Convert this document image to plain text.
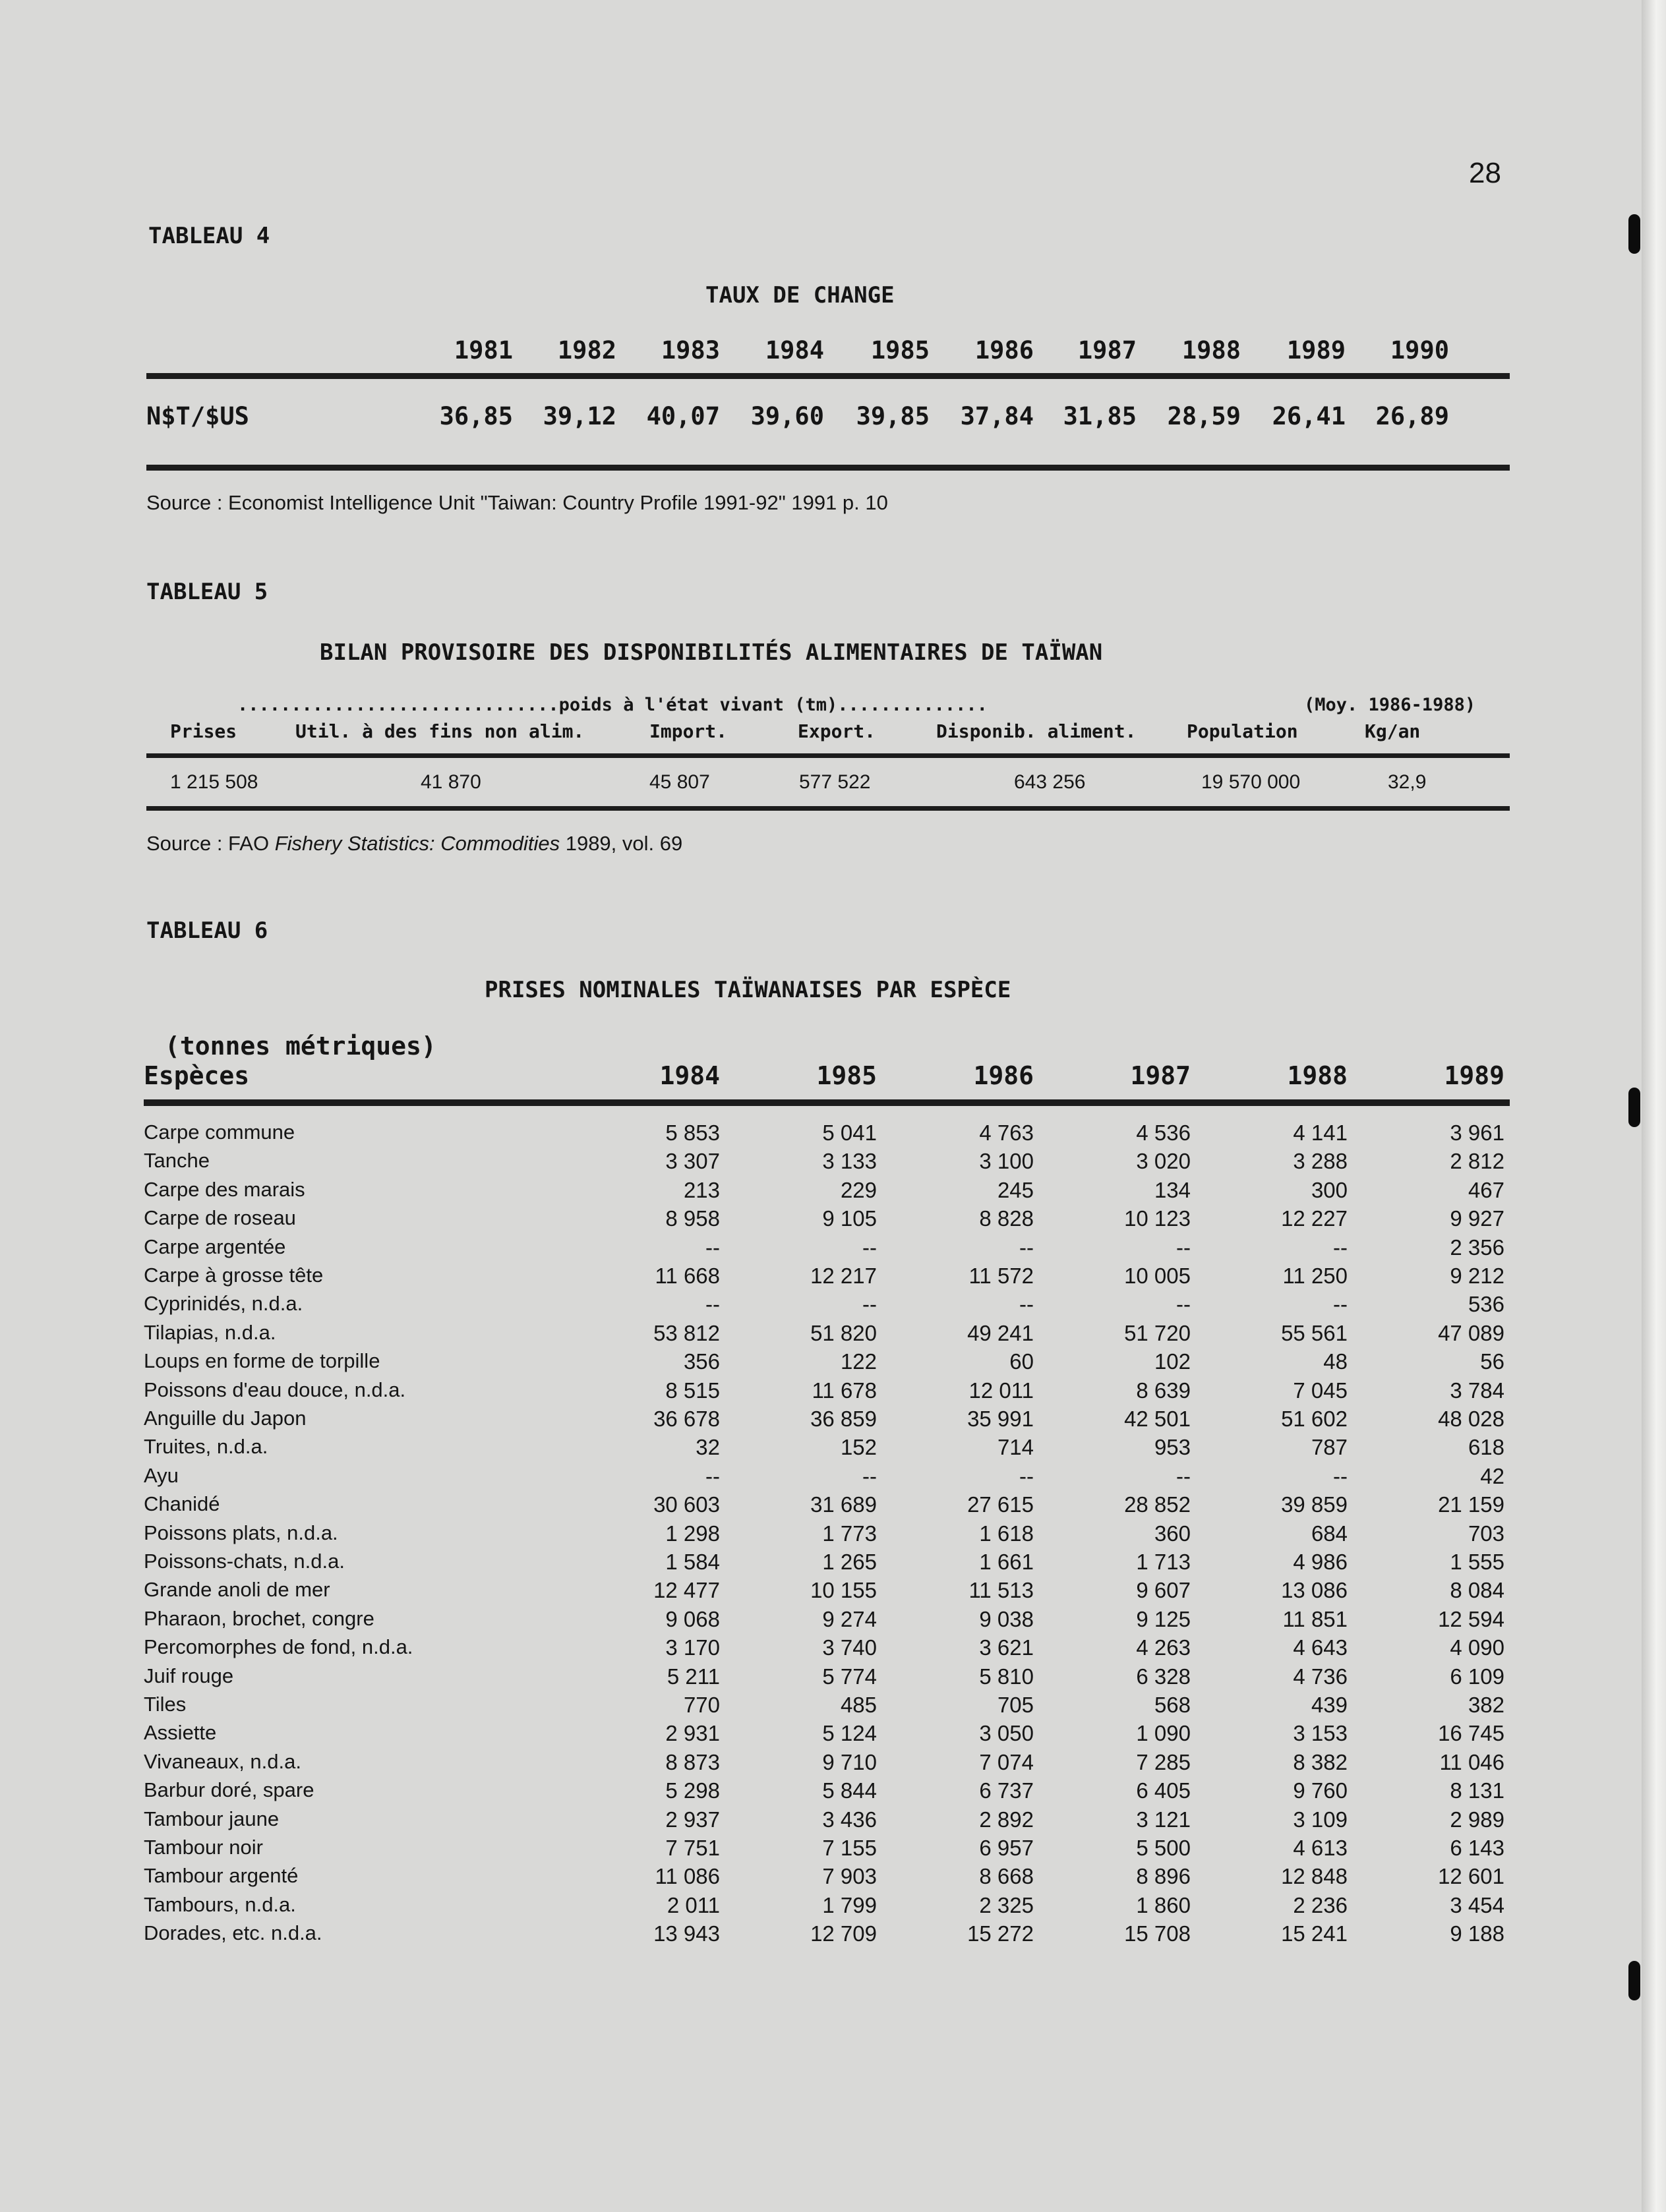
28
TABLEAU 4
TAUX DE CHANGE
1981	1982	1983	1984	1985	1986	1987	1988	1989	1990
N$T/$US	36,85	39,12	40,07	39,60	39,85	37,84	31,85	28,59	26,41	26,89
Source : Economist Intelligence Unit "Taiwan: Country Profile 1991-92" 1991 p. 10
TABLEAU 5
BILAN PROVISOIRE DES DISPONIBILITÉS ALIMENTAIRES DE TAÏWAN
..............................poids à l'état vivant (tm)..............	(Moy. 1986-1988)
Prises	Util. à des fins non alim.	Import.	Export.	Disponib. aliment.	Population	Kg/an
1 215 508	41 870	45 807	577 522	643 256	19 570 000	32,9
Source : FAO Fishery Statistics: Commodities 1989, vol. 69
TABLEAU 6
PRISES NOMINALES TAÏWANAISES PAR ESPÈCE
(tonnes métriques)
Espèces	1984	1985	1986	1987	1988	1989
Carpe commune	5 853	5 041	4 763	4 536	4 141	3 961
Tanche	3 307	3 133	3 100	3 020	3 288	2 812
Carpe des marais	213	229	245	134	300	467
Carpe de roseau	8 958	9 105	8 828	10 123	12 227	9 927
Carpe argentée	--	--	--	--	--	2 356
Carpe à grosse tête	11 668	12 217	11 572	10 005	11 250	9 212
Cyprinidés, n.d.a.	--	--	--	--	--	536
Tilapias, n.d.a.	53 812	51 820	49 241	51 720	55 561	47 089
Loups en forme de torpille	356	122	60	102	48	56
Poissons d'eau douce, n.d.a.	8 515	11 678	12 011	8 639	7 045	3 784
Anguille du Japon	36 678	36 859	35 991	42 501	51 602	48 028
Truites, n.d.a.	32	152	714	953	787	618
Ayu	--	--	--	--	--	42
Chanidé	30 603	31 689	27 615	28 852	39 859	21 159
Poissons plats, n.d.a.	1 298	1 773	1 618	360	684	703
Poissons-chats, n.d.a.	1 584	1 265	1 661	1 713	4 986	1 555
Grande anoli de mer	12 477	10 155	11 513	9 607	13 086	8 084
Pharaon, brochet, congre	9 068	9 274	9 038	9 125	11 851	12 594
Percomorphes de fond, n.d.a.	3 170	3 740	3 621	4 263	4 643	4 090
Juif rouge	5 211	5 774	5 810	6 328	4 736	6 109
Tiles	770	485	705	568	439	382
Assiette	2 931	5 124	3 050	1 090	3 153	16 745
Vivaneaux, n.d.a.	8 873	9 710	7 074	7 285	8 382	11 046
Barbur doré, spare	5 298	5 844	6 737	6 405	9 760	8 131
Tambour jaune	2 937	3 436	2 892	3 121	3 109	2 989
Tambour noir	7 751	7 155	6 957	5 500	4 613	6 143
Tambour argenté	11 086	7 903	8 668	8 896	12 848	12 601
Tambours, n.d.a.	2 011	1 799	2 325	1 860	2 236	3 454
Dorades, etc. n.d.a.	13 943	12 709	15 272	15 708	15 241	9 188
